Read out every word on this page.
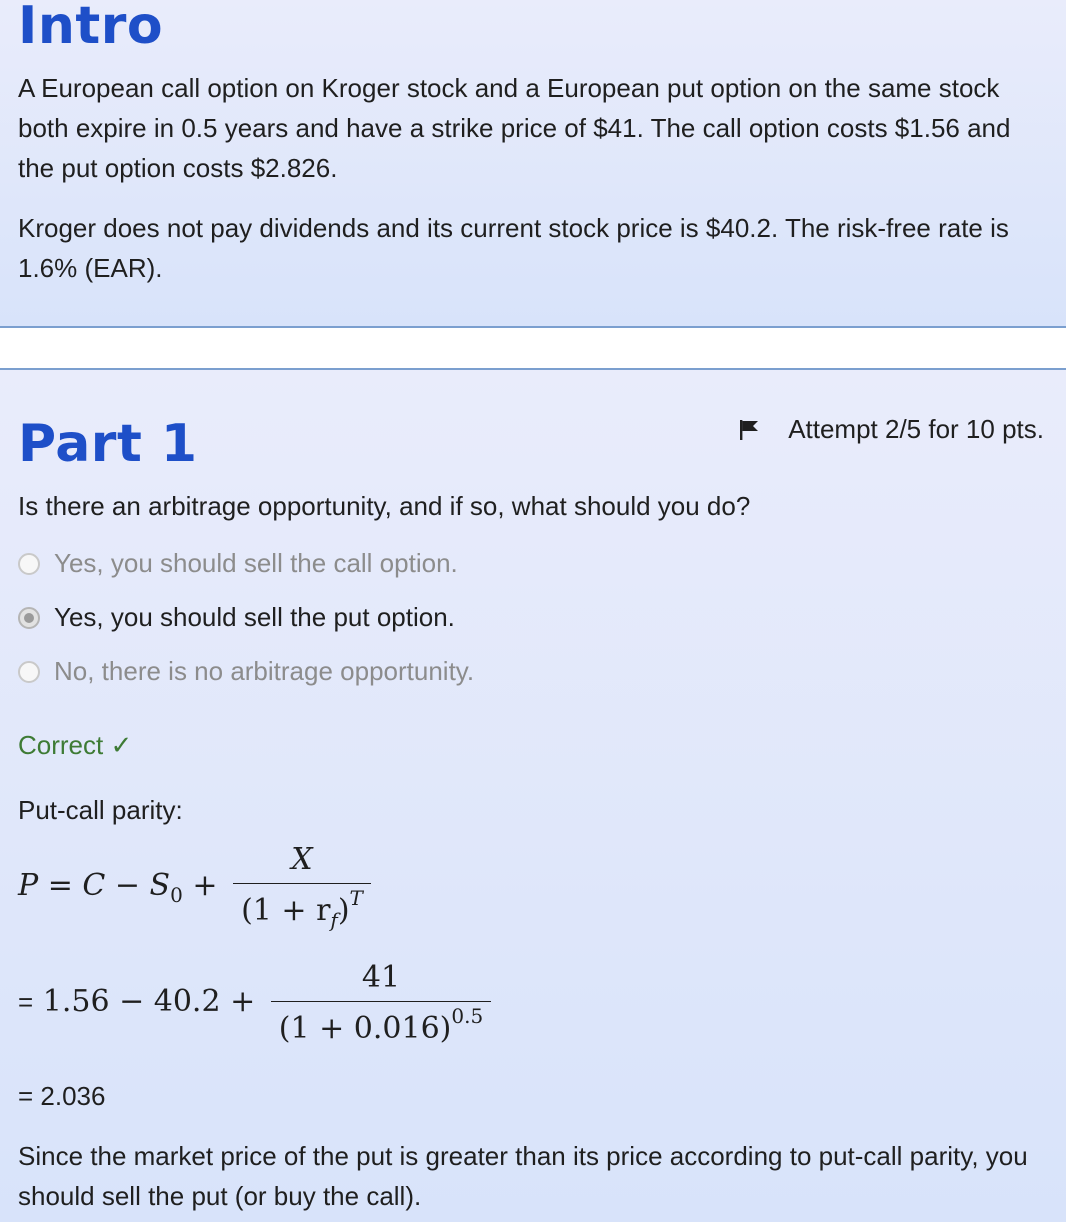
Intro

A European call option on Kroger stock and a European put option on the same stock both expire in 0.5 years and have a strike price of $41. The call option costs $1.56 and the put option costs $2.826.

Kroger does not pay dividends and its current stock price is $40.2. The risk-free rate is 1.6% (EAR).

Part 1	Attempt 2/5 for 10 pts.

Is there an arbitrage opportunity, and if so, what should you do?

Yes, you should sell the call option.
Yes, you should sell the put option.
No, there is no arbitrage opportunity.
Correct ✓

Put-call parity:

$P = C - S_0 + \frac{X}{(1 + r_f)^T}$
= $1.56 - 40.2 + \frac{41}{(1 + 0.016)^{0.5}}$

= 2.036

Since the market price of the put is greater than its price according to put-call parity, you should sell the put (or buy the call).
